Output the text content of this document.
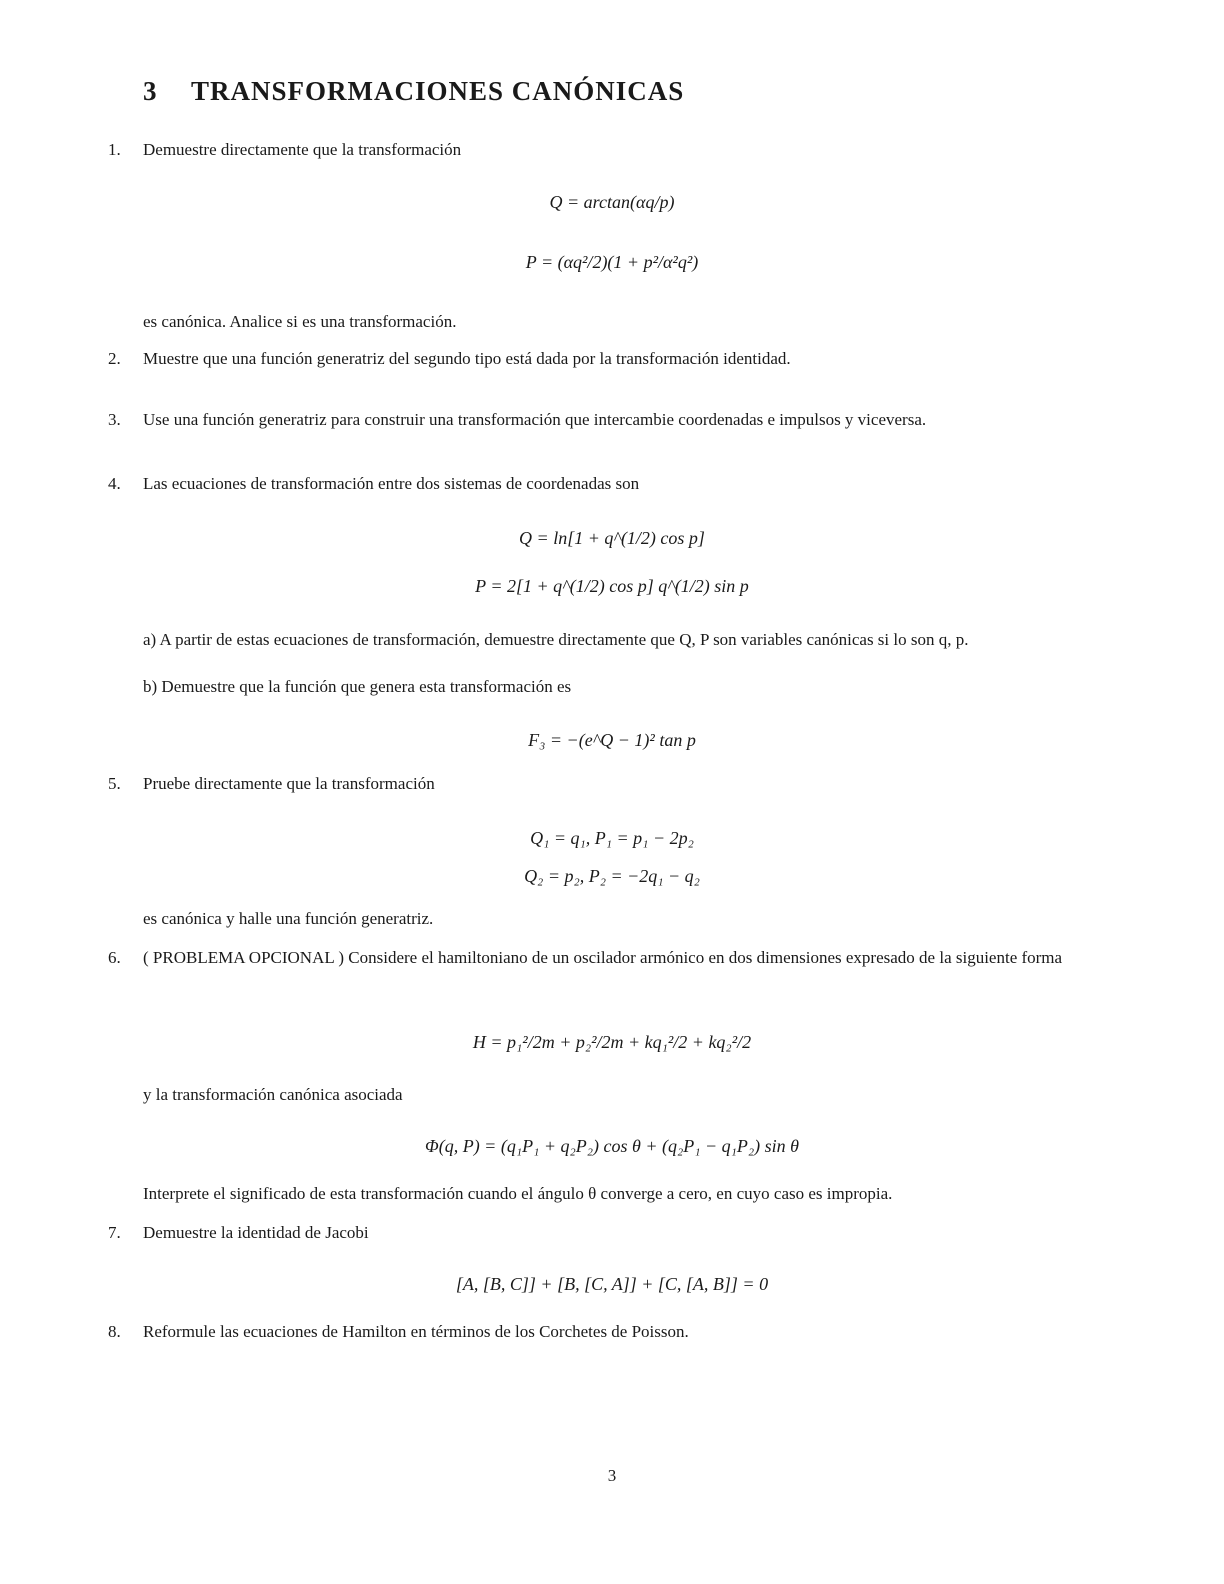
3 TRANSFORMACIONES CANÓNICAS
1.	Demuestre directamente que la transformación
Q = arctan(αq/p)
P = (αq²/2)(1 + p²/α²q²)
es canónica. Analice si es una transformación.
2.	Muestre que una función generatriz del segundo tipo está dada por la transformación identidad.
3.	Use una función generatriz para construir una transformación que intercambie coordenadas e impulsos y viceversa.
4.	Las ecuaciones de transformación entre dos sistemas de coordenadas son
Q = ln[1 + q^(1/2) cos p]
P = 2[1 + q^(1/2) cos p] q^(1/2) sin p
a) A partir de estas ecuaciones de transformación, demuestre directamente que Q, P son variables canónicas si lo son q, p.
b) Demuestre que la función que genera esta transformación es
F₃ = −(e^Q − 1)² tan p
5.	Pruebe directamente que la transformación
Q₁ = q₁, P₁ = p₁ − 2p₂
Q₂ = p₂, P₂ = −2q₁ − q₂
es canónica y halle una función generatriz.
6.	( PROBLEMA OPCIONAL ) Considere el hamiltoniano de un oscilador armónico en dos dimensiones expresado de la siguiente forma
H = p₁²/2m + p₂²/2m + kq₁²/2 + kq₂²/2
y la transformación canónica asociada
Φ(q, P) = (q₁P₁ + q₂P₂) cos θ + (q₂P₁ − q₁P₂) sin θ
Interprete el significado de esta transformación cuando el ángulo θ converge a cero, en cuyo caso es impropia.
7.	Demuestre la identidad de Jacobi
[A, [B, C]] + [B, [C, A]] + [C, [A, B]] = 0
8.	Reformule las ecuaciones de Hamilton en términos de los Corchetes de Poisson.
3
